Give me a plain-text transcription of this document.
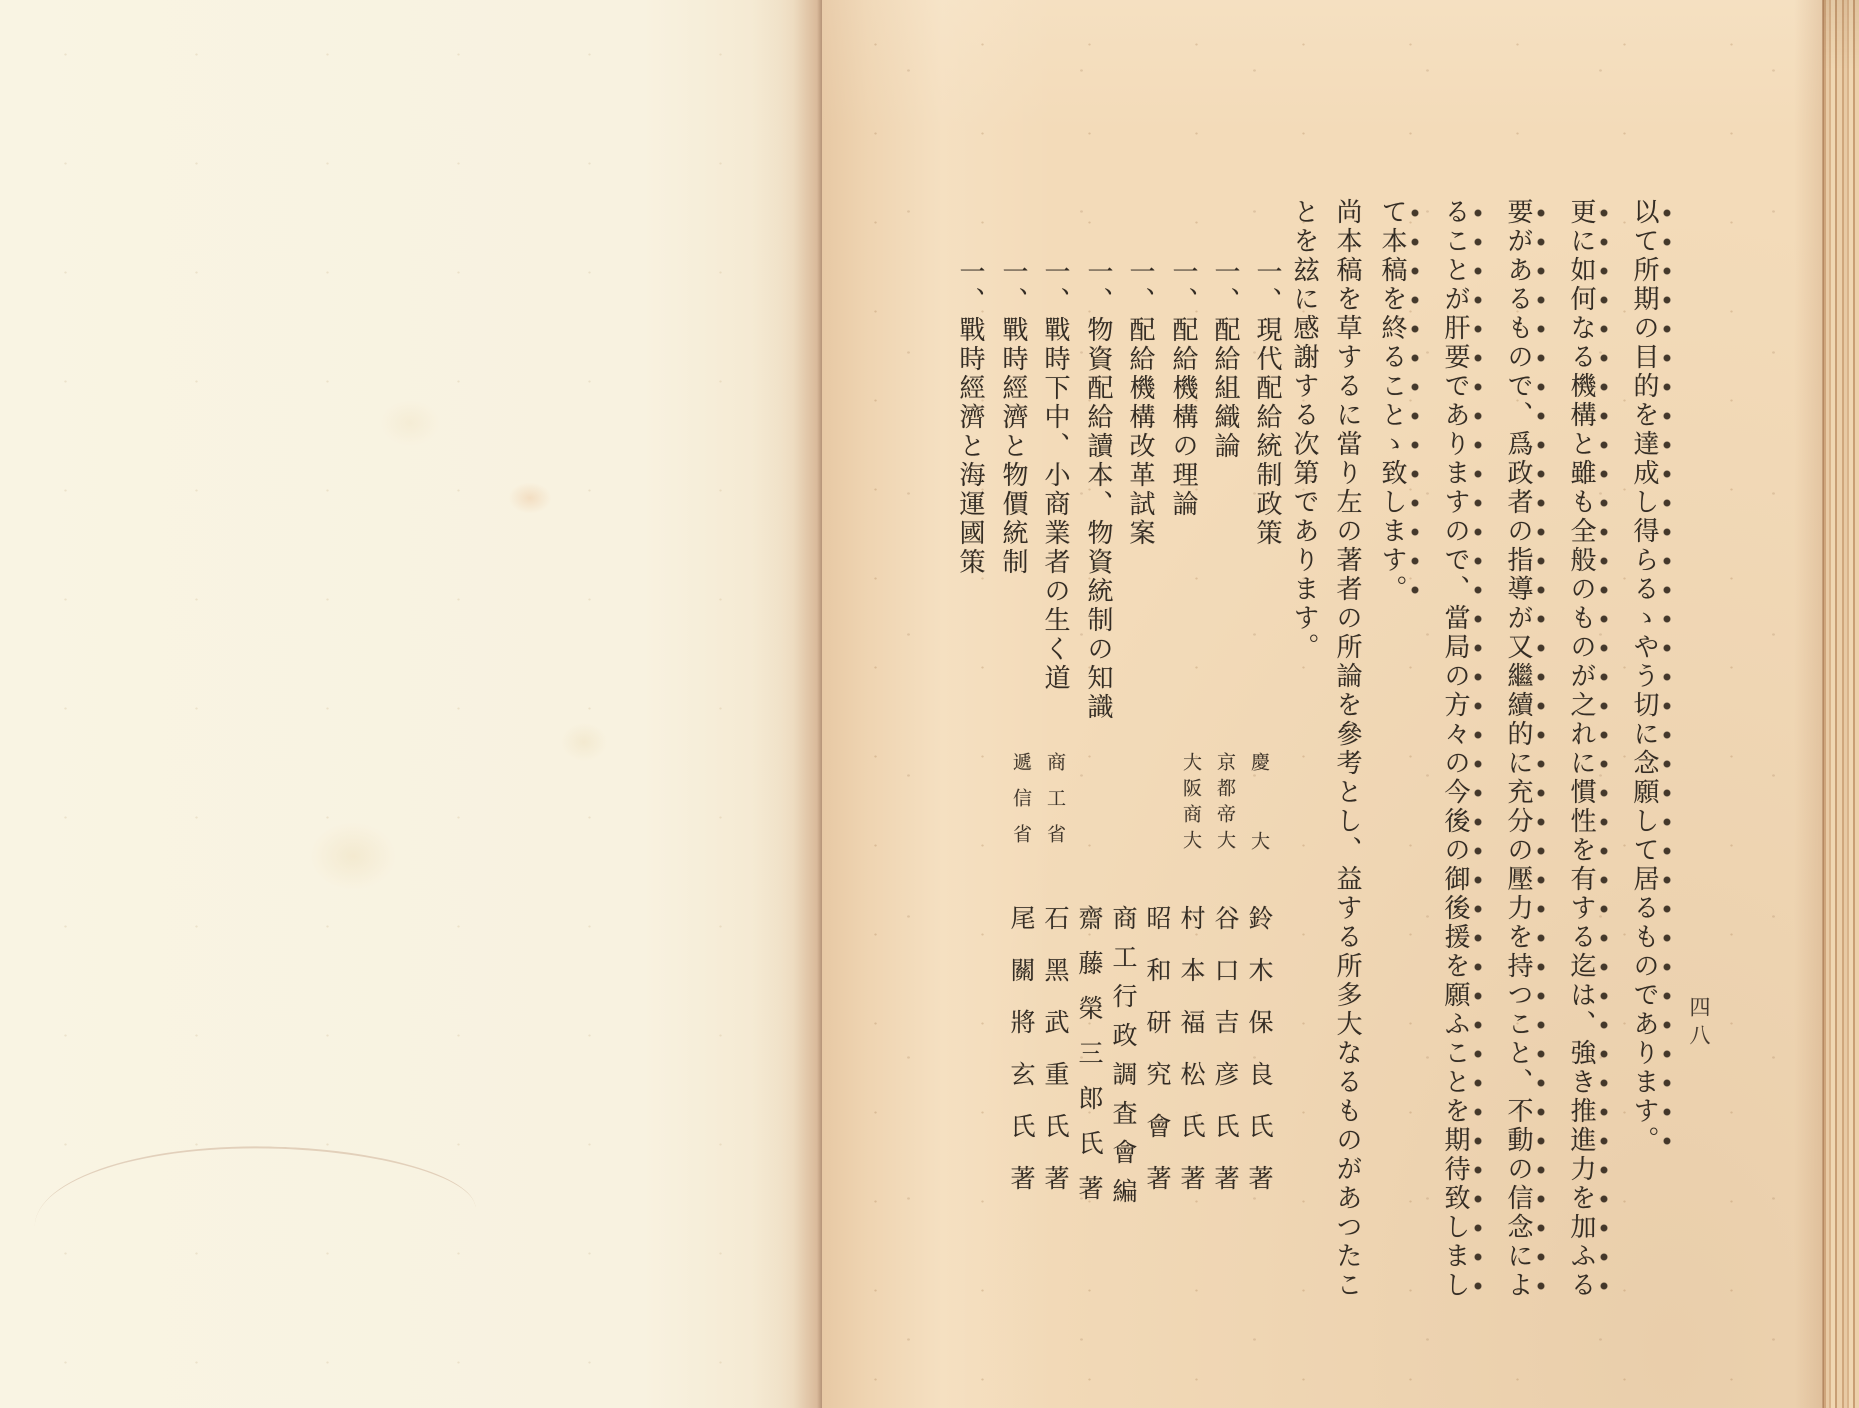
以て所期の目的を達成し得らるゝやう切に念願して居るものであります。
更に如何なる機構と雖も全般のものが之れに慣性を有する迄は、強き推進力を加ふる
要があるもので、爲政者の指導が又繼續的に充分の壓力を持つこと、不動の信念によ
ることが肝要でありますので、當局の方々の今後の御後援を願ふことを期待致しまし
て本稿を終ることゝ致します。
尚本稿を草するに當り左の著者の所論を參考とし、益する所多大なるものがあつたこ
とを玆に感謝する次第であります。
一、現代配給統制政策
慶大
鈴木保良氏著
一、配給組織論
京都帝大
谷口吉彦氏著
一、配給機構の理論
大阪商大
村本福松氏著
一、配給機構改革試案
昭和研究會著
一、物資配給讀本、物資統制の知識
商工行政調査會編
一、戰時下中、小商業者の生く道
齋藤榮三郎氏著
一、戰時經濟と物價統制
商工省
石黑武重氏著
一、戰時經濟と海運國策
遞信省
尾關將玄氏著	四八
